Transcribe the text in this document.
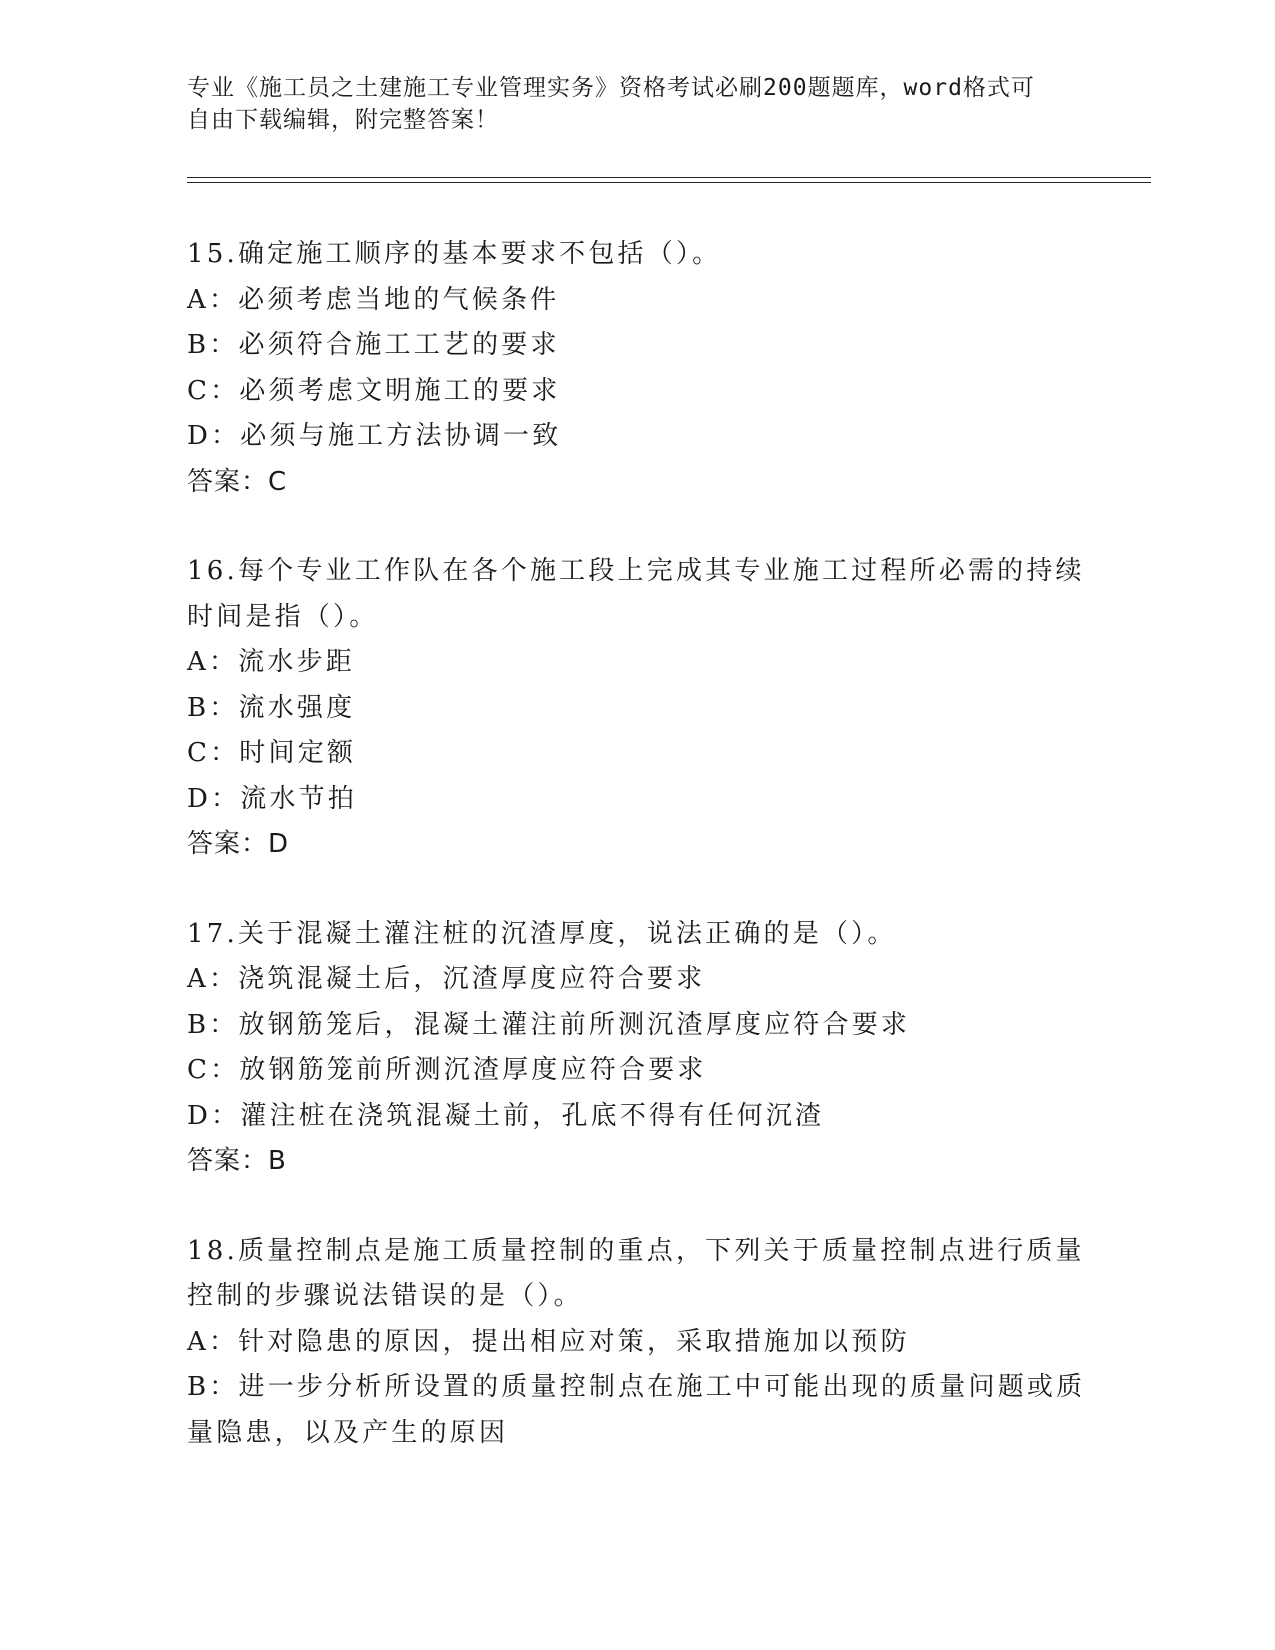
专业《施工员之土建施工专业管理实务》资格考试必刷200题题库，word格式可
自由下载编辑，附完整答案！
15.确定施工顺序的基本要求不包括（）。
A：必须考虑当地的气候条件
B：必须符合施工工艺的要求
C：必须考虑文明施工的要求
D：必须与施工方法协调一致
答案：C
16.每个专业工作队在各个施工段上完成其专业施工过程所必需的持续
时间是指（）。
A：流水步距
B：流水强度
C：时间定额
D：流水节拍
答案：D
17.关于混凝土灌注桩的沉渣厚度，说法正确的是（）。
A：浇筑混凝土后，沉渣厚度应符合要求
B：放钢筋笼后，混凝土灌注前所测沉渣厚度应符合要求
C：放钢筋笼前所测沉渣厚度应符合要求
D：灌注桩在浇筑混凝土前，孔底不得有任何沉渣
答案：B
18.质量控制点是施工质量控制的重点，下列关于质量控制点进行质量
控制的步骤说法错误的是（）。
A：针对隐患的原因，提出相应对策，采取措施加以预防
B：进一步分析所设置的质量控制点在施工中可能出现的质量问题或质
量隐患，以及产生的原因
